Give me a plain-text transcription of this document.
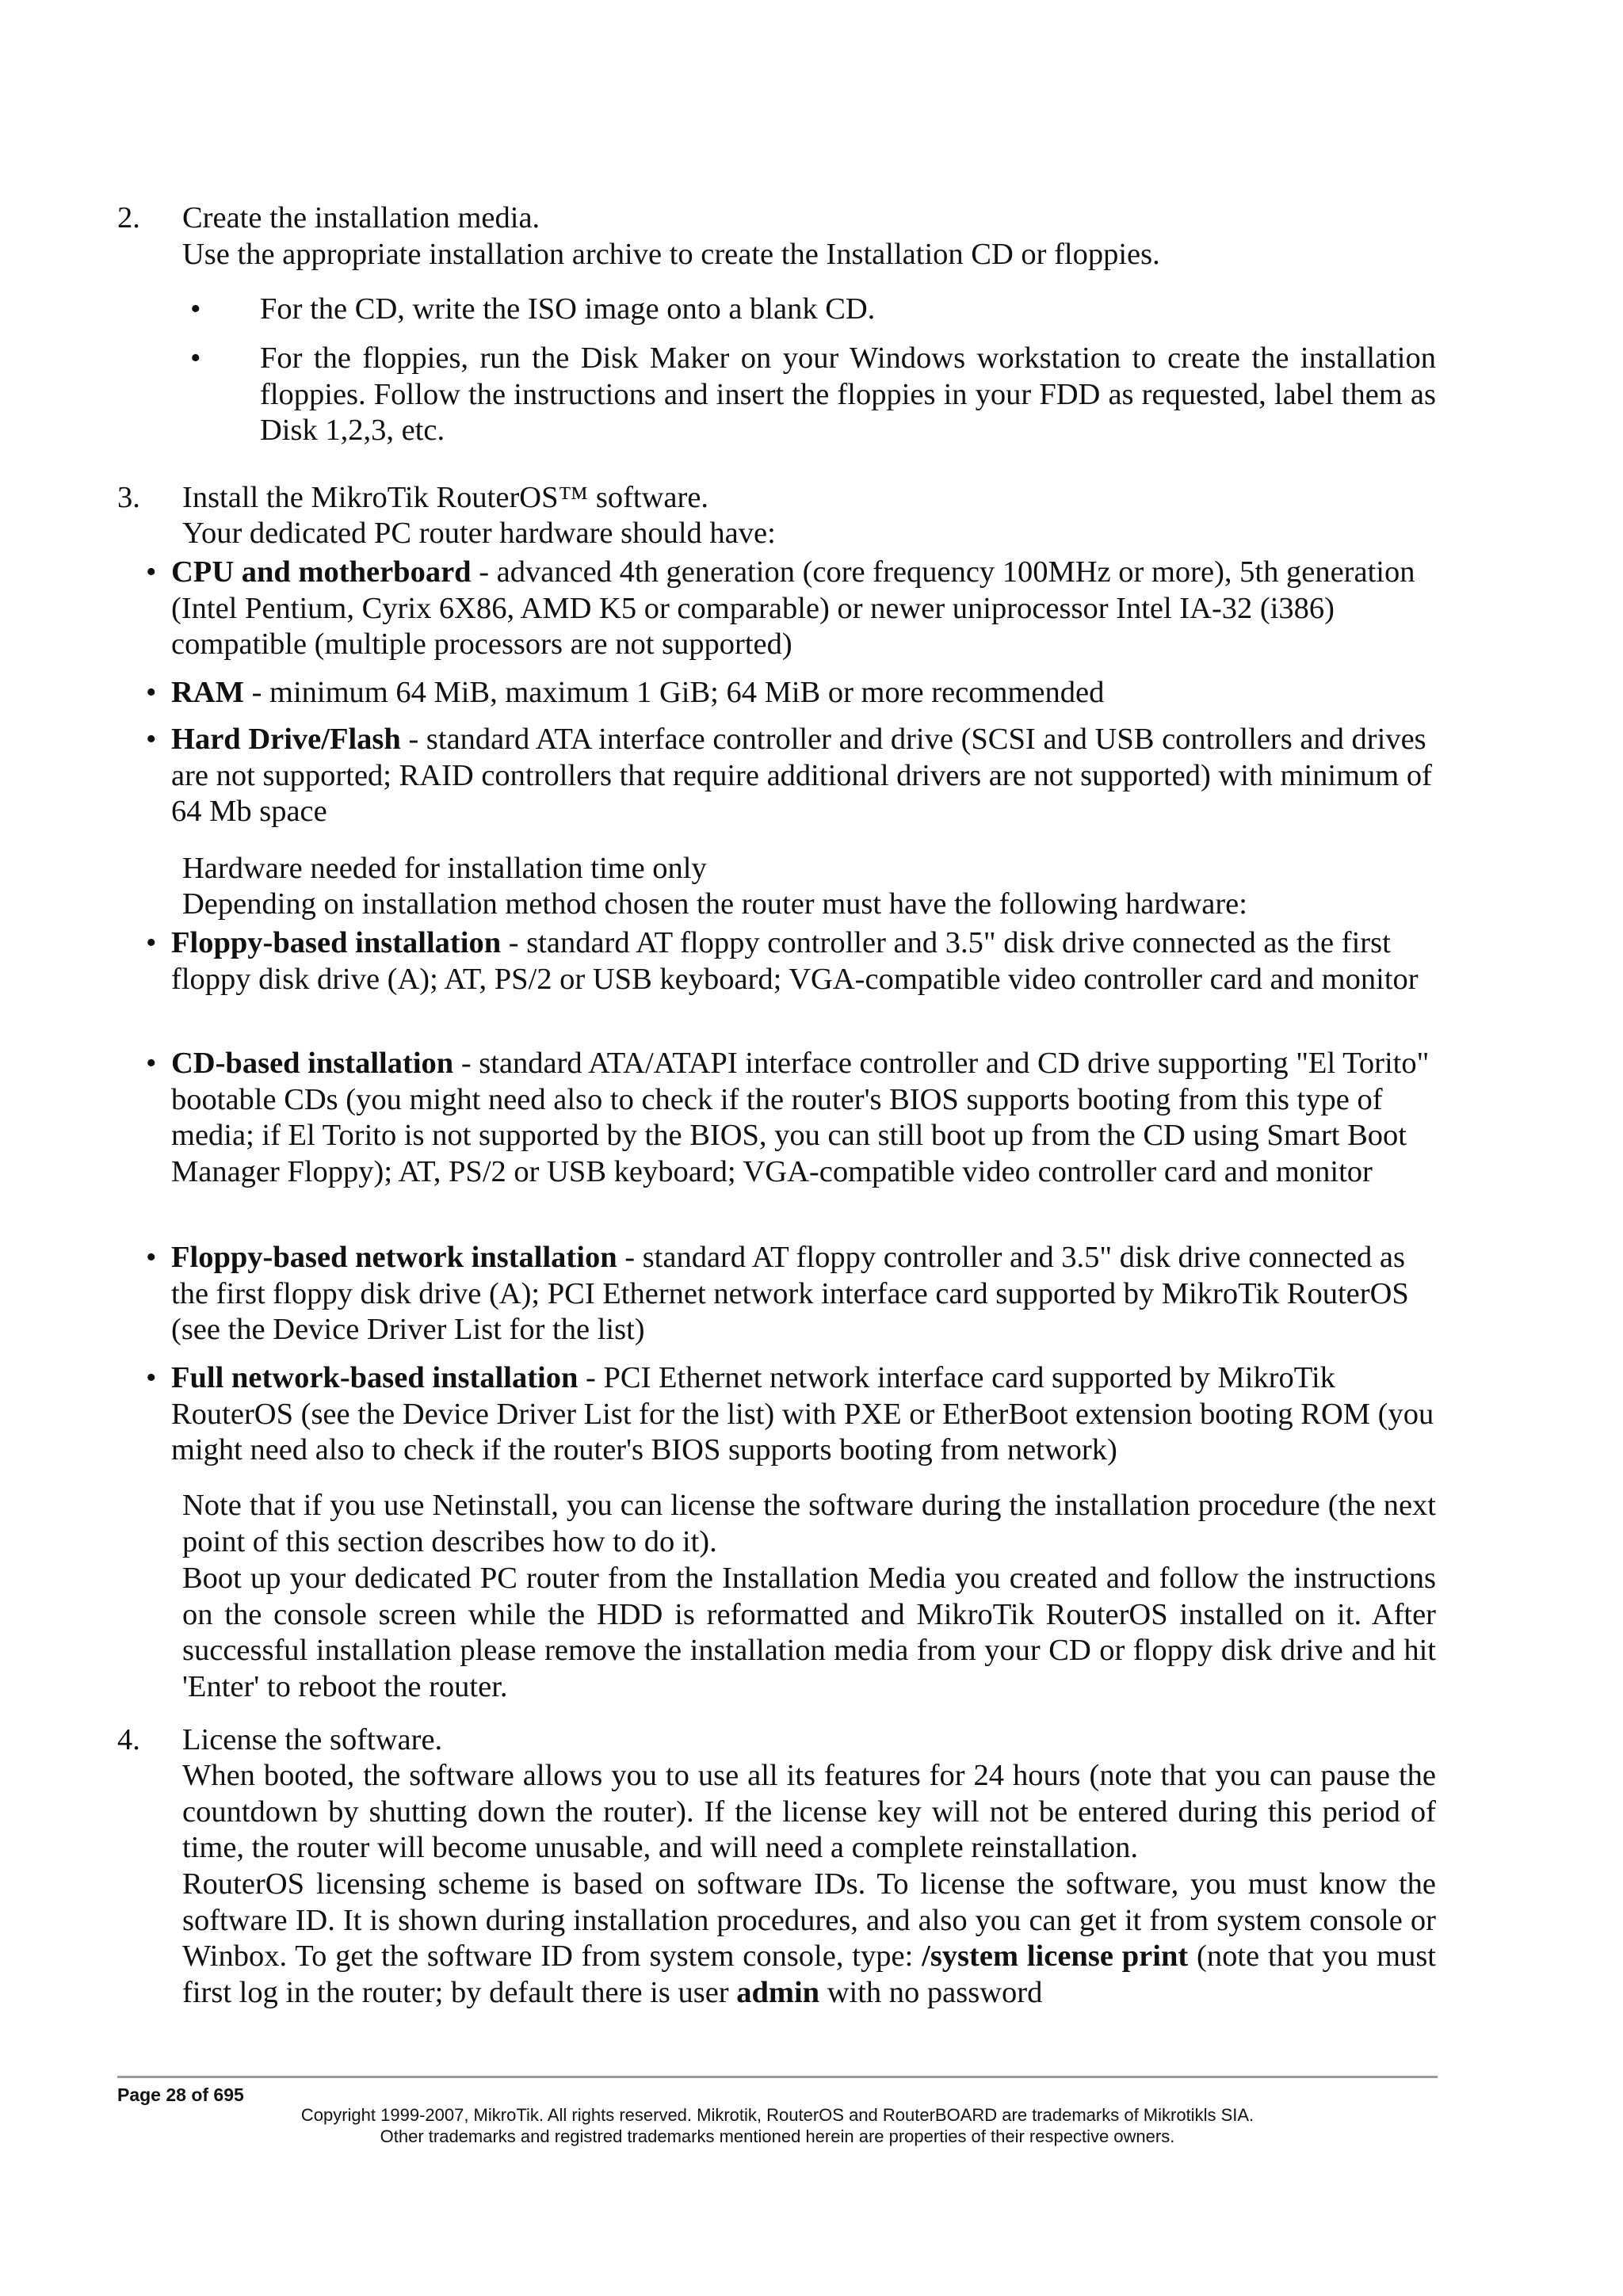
2. Create the installation media.
Use the appropriate installation archive to create the Installation CD or floppies.
• For the CD, write the ISO image onto a blank CD.
• For the floppies, run the Disk Maker on your Windows workstation to create the installation floppies. Follow the instructions and insert the floppies in your FDD as requested, label them as Disk 1,2,3, etc.
3. Install the MikroTik RouterOS™ software.
Your dedicated PC router hardware should have:
• CPU and motherboard - advanced 4th generation (core frequency 100MHz or more), 5th generation (Intel Pentium, Cyrix 6X86, AMD K5 or comparable) or newer uniprocessor Intel IA-32 (i386) compatible (multiple processors are not supported)
• RAM - minimum 64 MiB, maximum 1 GiB; 64 MiB or more recommended
• Hard Drive/Flash - standard ATA interface controller and drive (SCSI and USB controllers and drives are not supported; RAID controllers that require additional drivers are not supported) with minimum of 64 Mb space
Hardware needed for installation time only
Depending on installation method chosen the router must have the following hardware:
• Floppy-based installation - standard AT floppy controller and 3.5" disk drive connected as the first floppy disk drive (A); AT, PS/2 or USB keyboard; VGA-compatible video controller card and monitor
• CD-based installation - standard ATA/ATAPI interface controller and CD drive supporting "El Torito" bootable CDs (you might need also to check if the router's BIOS supports booting from this type of media; if El Torito is not supported by the BIOS, you can still boot up from the CD using Smart Boot Manager Floppy); AT, PS/2 or USB keyboard; VGA-compatible video controller card and monitor
• Floppy-based network installation - standard AT floppy controller and 3.5" disk drive connected as the first floppy disk drive (A); PCI Ethernet network interface card supported by MikroTik RouterOS (see the Device Driver List for the list)
• Full network-based installation - PCI Ethernet network interface card supported by MikroTik RouterOS (see the Device Driver List for the list) with PXE or EtherBoot extension booting ROM (you might need also to check if the router's BIOS supports booting from network)
Note that if you use Netinstall, you can license the software during the installation procedure (the next point of this section describes how to do it).
Boot up your dedicated PC router from the Installation Media you created and follow the instructions on the console screen while the HDD is reformatted and MikroTik RouterOS installed on it. After successful installation please remove the installation media from your CD or floppy disk drive and hit 'Enter' to reboot the router.
4. License the software.
When booted, the software allows you to use all its features for 24 hours (note that you can pause the countdown by shutting down the router). If the license key will not be entered during this period of time, the router will become unusable, and will need a complete reinstallation.
RouterOS licensing scheme is based on software IDs. To license the software, you must know the software ID. It is shown during installation procedures, and also you can get it from system console or Winbox. To get the software ID from system console, type: /system license print (note that you must first log in the router; by default there is user admin with no password
Page 28 of 695
Copyright 1999-2007, MikroTik. All rights reserved. Mikrotik, RouterOS and RouterBOARD are trademarks of Mikrotikls SIA.
Other trademarks and registred trademarks mentioned herein are properties of their respective owners.
